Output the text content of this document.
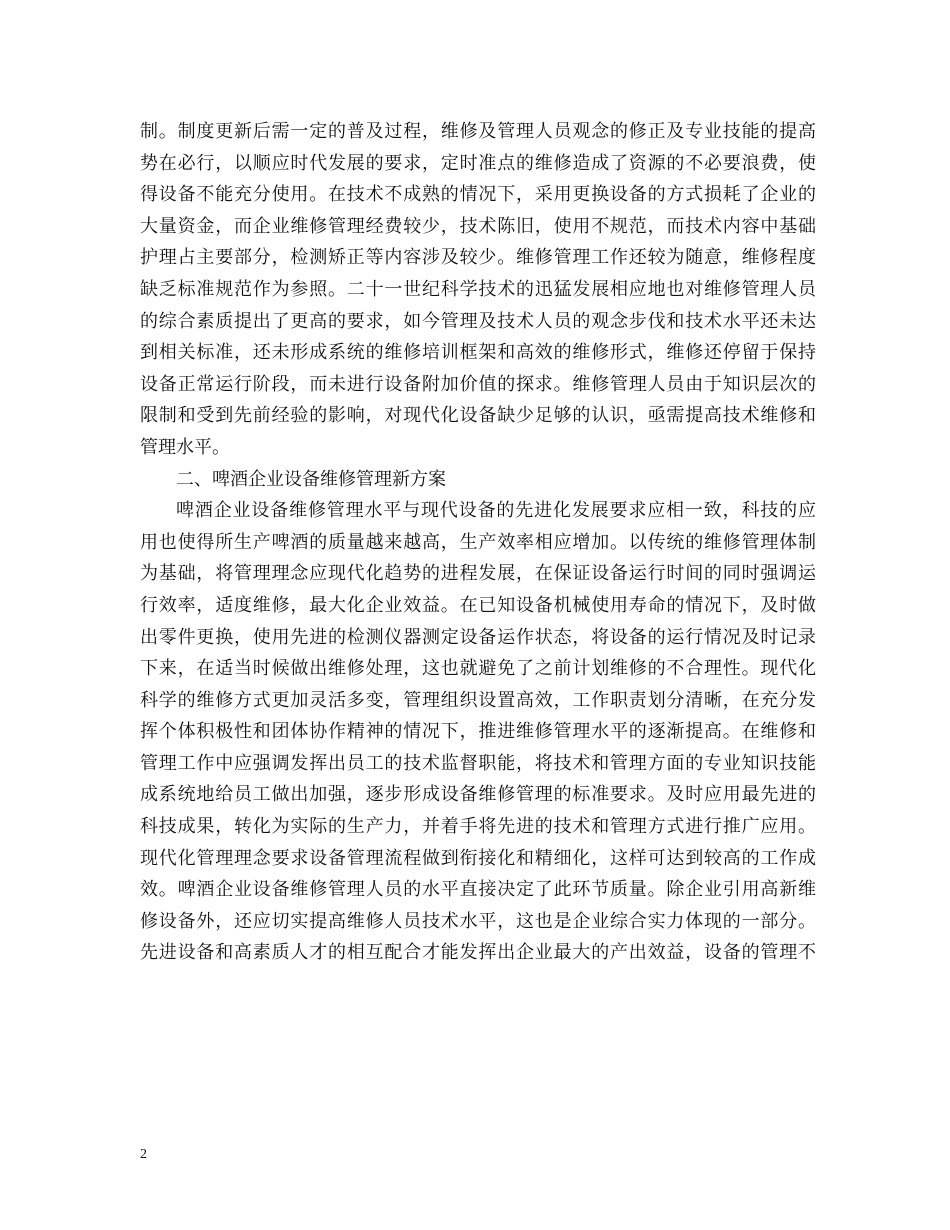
制。制度更新后需一定的普及过程，维修及管理人员观念的修正及专业技能的提高
势在必行，以顺应时代发展的要求，定时准点的维修造成了资源的不必要浪费，使
得设备不能充分使用。在技术不成熟的情况下，采用更换设备的方式损耗了企业的
大量资金，而企业维修管理经费较少，技术陈旧，使用不规范，而技术内容中基础
护理占主要部分，检测矫正等内容涉及较少。维修管理工作还较为随意，维修程度
缺乏标准规范作为参照。二十一世纪科学技术的迅猛发展相应地也对维修管理人员
的综合素质提出了更高的要求，如今管理及技术人员的观念步伐和技术水平还未达
到相关标准，还未形成系统的维修培训框架和高效的维修形式，维修还停留于保持
设备正常运行阶段，而未进行设备附加价值的探求。维修管理人员由于知识层次的
限制和受到先前经验的影响，对现代化设备缺少足够的认识，亟需提高技术维修和
管理水平。
二、啤酒企业设备维修管理新方案
啤酒企业设备维修管理水平与现代设备的先进化发展要求应相一致，科技的应
用也使得所生产啤酒的质量越来越高，生产效率相应增加。以传统的维修管理体制
为基础，将管理理念应现代化趋势的进程发展，在保证设备运行时间的同时强调运
行效率，适度维修，最大化企业效益。在已知设备机械使用寿命的情况下，及时做
出零件更换，使用先进的检测仪器测定设备运作状态，将设备的运行情况及时记录
下来，在适当时候做出维修处理，这也就避免了之前计划维修的不合理性。现代化
科学的维修方式更加灵活多变，管理组织设置高效，工作职责划分清晰，在充分发
挥个体积极性和团体协作精神的情况下，推进维修管理水平的逐渐提高。在维修和
管理工作中应强调发挥出员工的技术监督职能，将技术和管理方面的专业知识技能
成系统地给员工做出加强，逐步形成设备维修管理的标准要求。及时应用最先进的
科技成果，转化为实际的生产力，并着手将先进的技术和管理方式进行推广应用。
现代化管理理念要求设备管理流程做到衔接化和精细化，这样可达到较高的工作成
效。啤酒企业设备维修管理人员的水平直接决定了此环节质量。除企业引用高新维
修设备外，还应切实提高维修人员技术水平，这也是企业综合实力体现的一部分。
先进设备和高素质人才的相互配合才能发挥出企业最大的产出效益，设备的管理不
2
